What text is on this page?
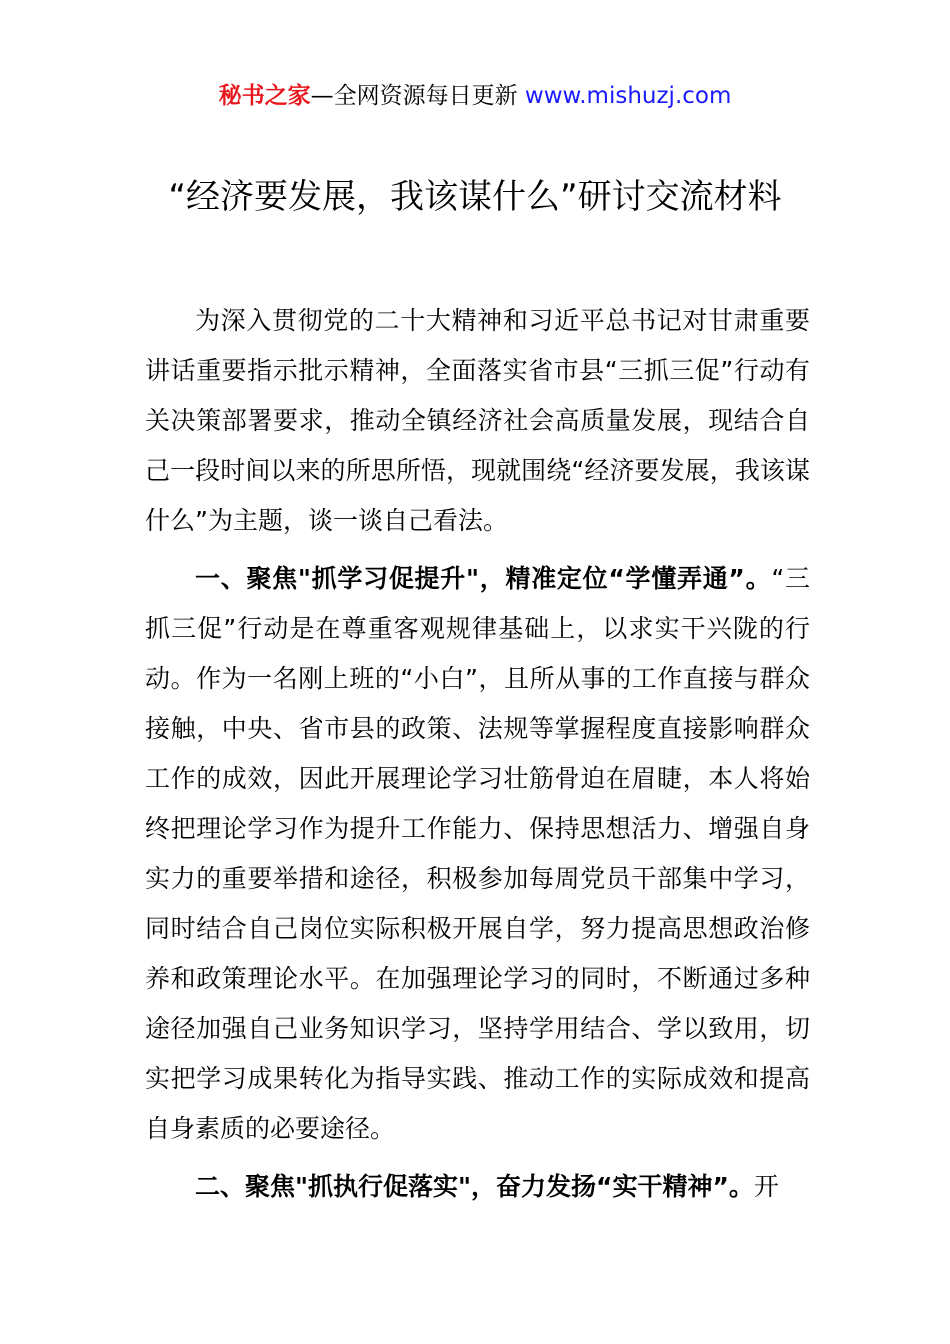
秘书之家—全网资源每日更新 www.mishuzj.com
“经济要发展，我该谋什么”研讨交流材料

为深入贯彻党的二十大精神和习近平总书记对甘肃重要讲话重要指示批示精神，全面落实省市县“三抓三促”行动有关决策部署要求，推动全镇经济社会高质量发展，现结合自己一段时间以来的所思所悟，现就围绕“经济要发展，我该谋什么”为主题，谈一谈自己看法。

一、聚焦"抓学习促提升"，精准定位“学懂弄通”。“三抓三促”行动是在尊重客观规律基础上，以求实干兴陇的行动。作为一名刚上班的“小白”，且所从事的工作直接与群众接触，中央、省市县的政策、法规等掌握程度直接影响群众工作的成效，因此开展理论学习壮筋骨迫在眉睫，本人将始终把理论学习作为提升工作能力、保持思想活力、增强自身实力的重要举措和途径，积极参加每周党员干部集中学习，同时结合自己岗位实际积极开展自学，努力提高思想政治修养和政策理论水平。在加强理论学习的同时，不断通过多种途径加强自己业务知识学习，坚持学用结合、学以致用，切实把学习成果转化为指导实践、推动工作的实际成效和提高自身素质的必要途径。

二、聚焦"抓执行促落实"，奋力发扬“实干精神”。开
